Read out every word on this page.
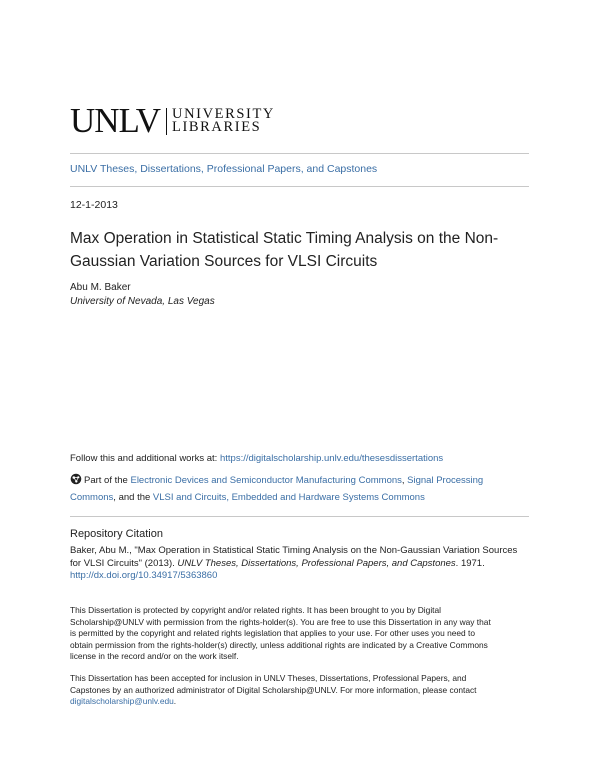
UNLV UNIVERSITY
LIBRARIES
UNLV Theses, Dissertations, Professional Papers, and Capstones
12-1-2013
Max Operation in Statistical Static Timing Analysis on the Non-
Gaussian Variation Sources for VLSI Circuits
Abu M. Baker
University of Nevada, Las Vegas
Follow this and additional works at: https://digitalscholarship.unlv.edu/thesesdissertations
Part of the Electronic Devices and Semiconductor Manufacturing Commons, Signal Processing
Commons, and the VLSI and Circuits, Embedded and Hardware Systems Commons
Repository Citation
Baker, Abu M., "Max Operation in Statistical Static Timing Analysis on the Non-Gaussian Variation Sources
for VLSI Circuits" (2013). UNLV Theses, Dissertations, Professional Papers, and Capstones. 1971.
http://dx.doi.org/10.34917/5363860
This Dissertation is protected by copyright and/or related rights. It has been brought to you by Digital
Scholarship@UNLV with permission from the rights-holder(s). You are free to use this Dissertation in any way that
is permitted by the copyright and related rights legislation that applies to your use. For other uses you need to
obtain permission from the rights-holder(s) directly, unless additional rights are indicated by a Creative Commons
license in the record and/or on the work itself.
This Dissertation has been accepted for inclusion in UNLV Theses, Dissertations, Professional Papers, and
Capstones by an authorized administrator of Digital Scholarship@UNLV. For more information, please contact
digitalscholarship@unlv.edu.
